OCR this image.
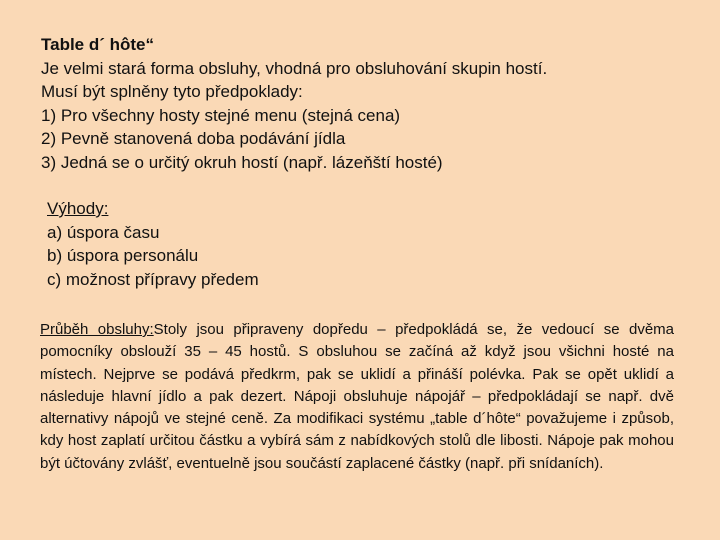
Table d´ hôte“
Je velmi stará forma obsluhy, vhodná pro obsluhování skupin hostí.
Musí být splněny tyto předpoklady:
1) Pro všechny hosty stejné menu (stejná cena)
2) Pevně stanovená doba podávání jídla
3) Jedná se o určitý okruh hostí (např. lázeňští hosté)
Výhody:
a) úspora času
b) úspora personálu
c) možnost přípravy předem
Průběh obsluhy:Stoly jsou připraveny dopředu – předpokládá se, že vedoucí se dvěma pomocníky obslouží 35 – 45 hostů. S obsluhou se začíná až když jsou všichni hosté na místech. Nejprve se podává předkrm, pak se uklidí a přináší polévka. Pak se opět uklidí a následuje hlavní jídlo a pak dezert. Nápoji obsluhuje nápojář – předpokládají se např. dvě alternativy nápojů ve stejné ceně. Za modifikaci systému „table d´hôte“ považujeme i způsob, kdy host zaplatí určitou částku a vybírá sám z nabídkových stolů dle libosti. Nápoje pak mohou být účtovány zvlášť, eventuelně jsou součástí zaplacené částky (např. při snídaních).
